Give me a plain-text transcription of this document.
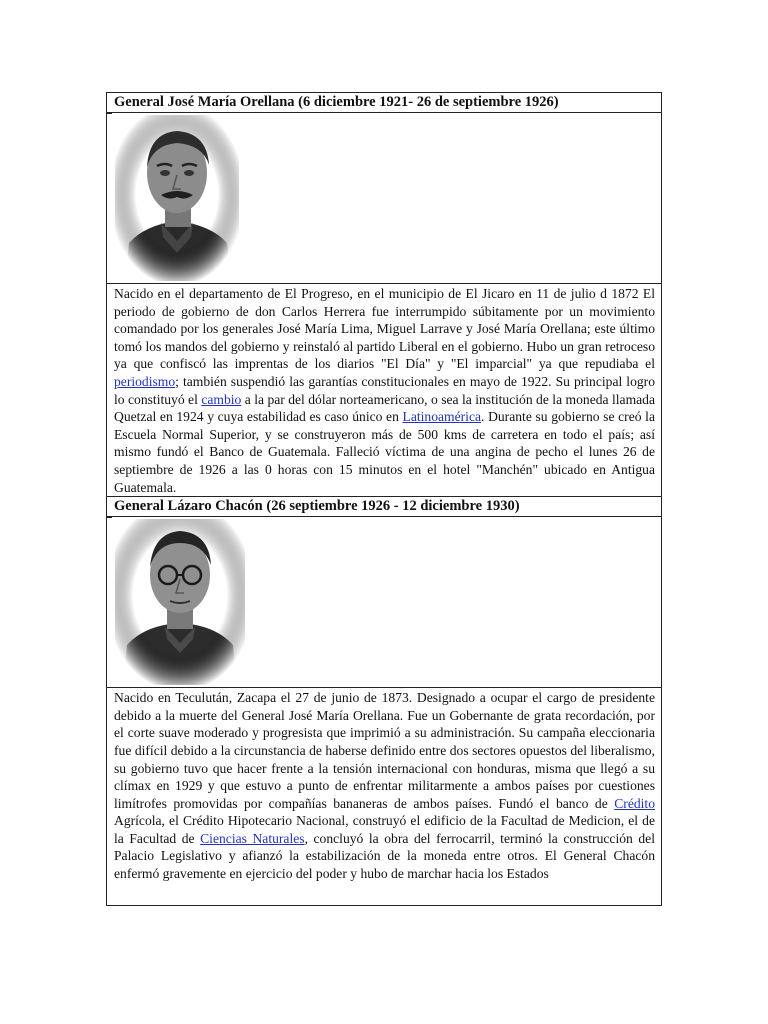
General José María Orellana (6 diciembre 1921- 26 de septiembre 1926)
Nacido en el departamento de El Progreso, en el municipio de El Jicaro en 11 de julio d 1872 El periodo de gobierno de don Carlos Herrera fue interrumpido súbitamente por un movimiento comandado por los generales José María Lima, Miguel Larrave y José María Orellana; este último tomó los mandos del gobierno y reinstaló al partido Liberal en el gobierno. Hubo un gran retroceso ya que confiscó las imprentas de los diarios "El Día" y "El imparcial" ya que repudiaba el periodismo; también suspendió las garantías constitucionales en mayo de 1922. Su principal logro lo constituyó el cambio a la par del dólar norteamericano, o sea la institución de la moneda llamada Quetzal en 1924 y cuya estabilidad es caso único en Latinoamérica. Durante su gobierno se creó la Escuela Normal Superior, y se construyeron más de 500 kms de carretera en todo el país; así mismo fundó el Banco de Guatemala. Falleció víctima de una angina de pecho el lunes 26 de septiembre de 1926 a las 0 horas con 15 minutos en el hotel "Manchén" ubicado en Antigua Guatemala.
General Lázaro Chacón (26 septiembre 1926 - 12 diciembre 1930)
Nacido en Teculután, Zacapa el 27 de junio de 1873. Designado a ocupar el cargo de presidente debido a la muerte del General José María Orellana. Fue un Gobernante de grata recordación, por el corte suave moderado y progresista que imprimió a su administración. Su campaña eleccionaria fue difícil debido a la circunstancia de haberse definido entre dos sectores opuestos del liberalismo, su gobierno tuvo que hacer frente a la tensión internacional con honduras, misma que llegó a su clímax en 1929 y que estuvo a punto de enfrentar militarmente a ambos países por cuestiones limítrofes promovidas por compañías bananeras de ambos países. Fundó el banco de Crédito Agrícola, el Crédito Hipotecario Nacional, construyó el edificio de la Facultad de Medicion, el de la Facultad de Ciencias Naturales, concluyó la obra del ferrocarril, terminó la construcción del Palacio Legislativo y afianzó la estabilización de la moneda entre otros. El General Chacón enfermó gravemente en ejercicio del poder y hubo de marchar hacia los Estados
